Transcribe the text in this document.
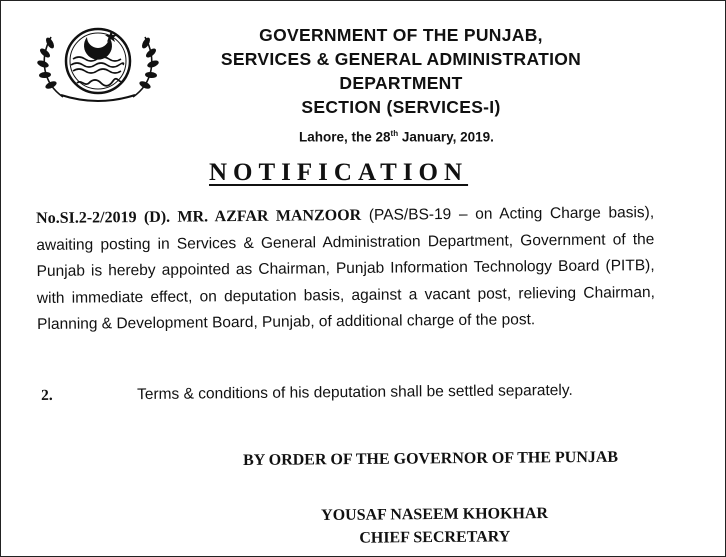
GOVERNMENT OF THE PUNJAB,
SERVICES & GENERAL ADMINISTRATION
DEPARTMENT
SECTION (SERVICES-I)
Lahore, the 28th January, 2019.
NOTIFICATION
No.SI.2-2/2019 (D). MR. AZFAR MANZOOR (PAS/BS-19 – on Acting Charge basis), awaiting posting in Services & General Administration Department, Government of the Punjab is hereby appointed as Chairman, Punjab Information Technology Board (PITB), with immediate effect, on deputation basis, against a vacant post, relieving Chairman, Planning & Development Board, Punjab, of additional charge of the post.
2.	Terms & conditions of his deputation shall be settled separately.
BY ORDER OF THE GOVERNOR OF THE PUNJAB
YOUSAF NASEEM KHOKHAR
CHIEF SECRETARY
